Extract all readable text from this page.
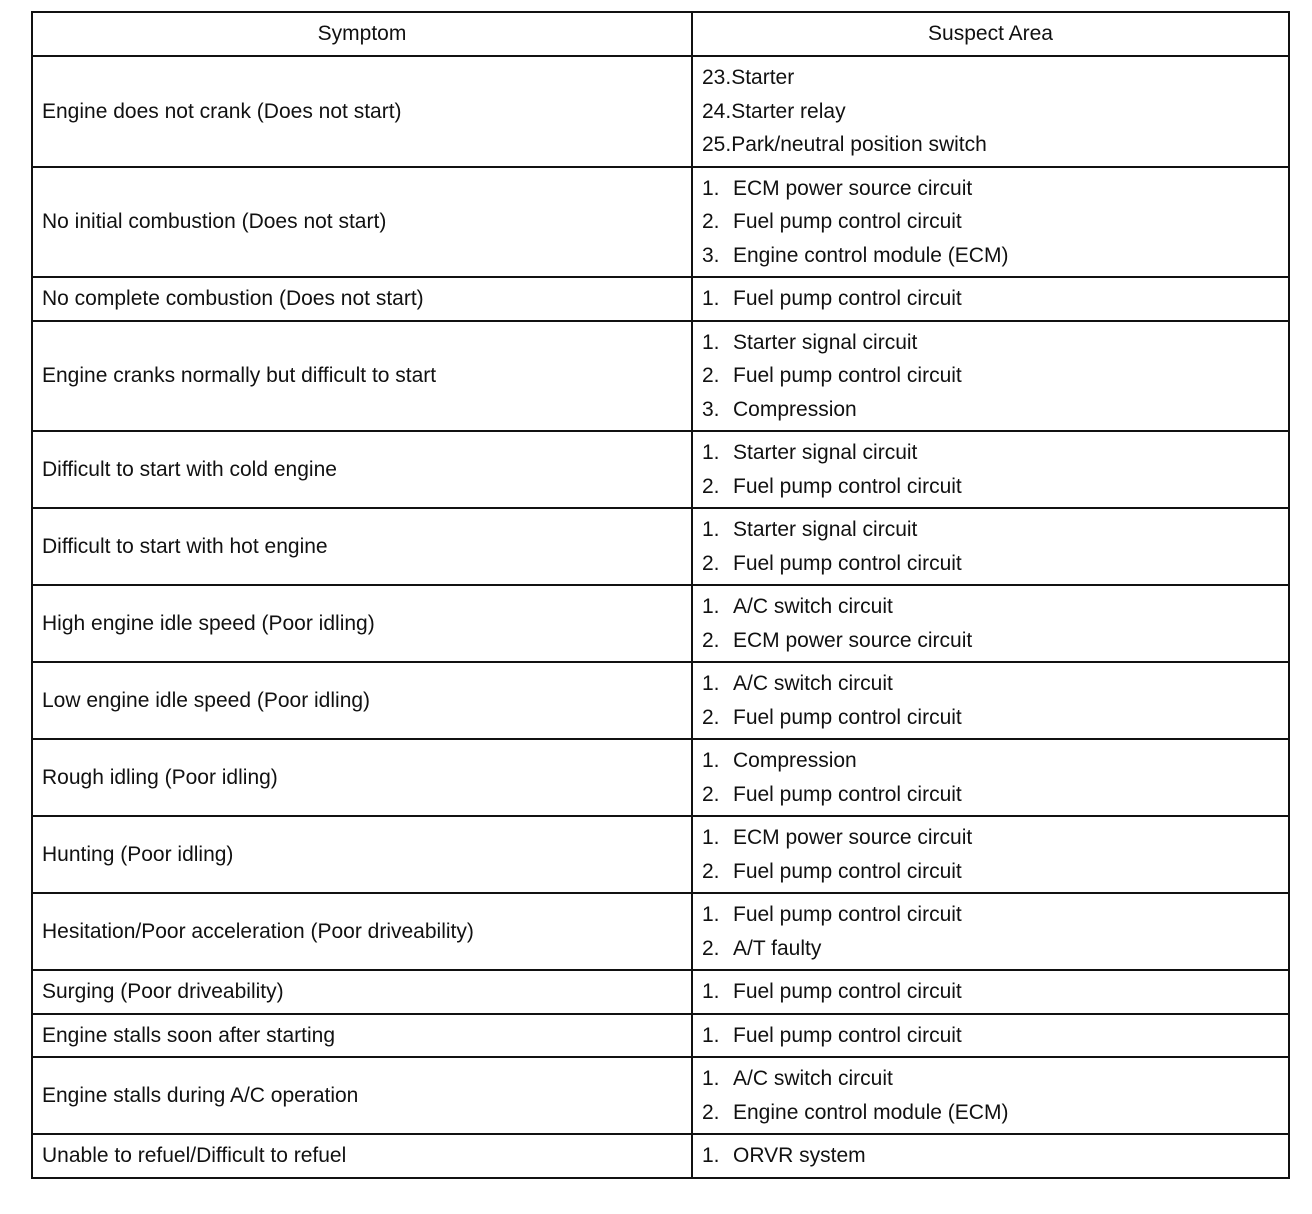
Symptom	Suspect Area
Engine does not crank (Does not start)	23.Starter
24.Starter relay
25.Park/neutral position switch

No initial combustion (Does not start)	1. ECM power source circuit
2. Fuel pump control circuit
3. Engine control module (ECM)

No complete combustion (Does not start)	1. Fuel pump control circuit

Engine cranks normally but difficult to start	1. Starter signal circuit
2. Fuel pump control circuit
3. Compression

Difficult to start with cold engine	1. Starter signal circuit
2. Fuel pump control circuit

Difficult to start with hot engine	1. Starter signal circuit
2. Fuel pump control circuit

High engine idle speed (Poor idling)	1. A/C switch circuit
2. ECM power source circuit

Low engine idle speed (Poor idling)	1. A/C switch circuit
2. Fuel pump control circuit

Rough idling (Poor idling)	1. Compression
2. Fuel pump control circuit

Hunting (Poor idling)	1. ECM power source circuit
2. Fuel pump control circuit

Hesitation/Poor acceleration (Poor driveability)	1. Fuel pump control circuit
2. A/T faulty

Surging (Poor driveability)	1. Fuel pump control circuit

Engine stalls soon after starting	1. Fuel pump control circuit

Engine stalls during A/C operation	1. A/C switch circuit
2. Engine control module (ECM)

Unable to refuel/Difficult to refuel	1. ORVR system
